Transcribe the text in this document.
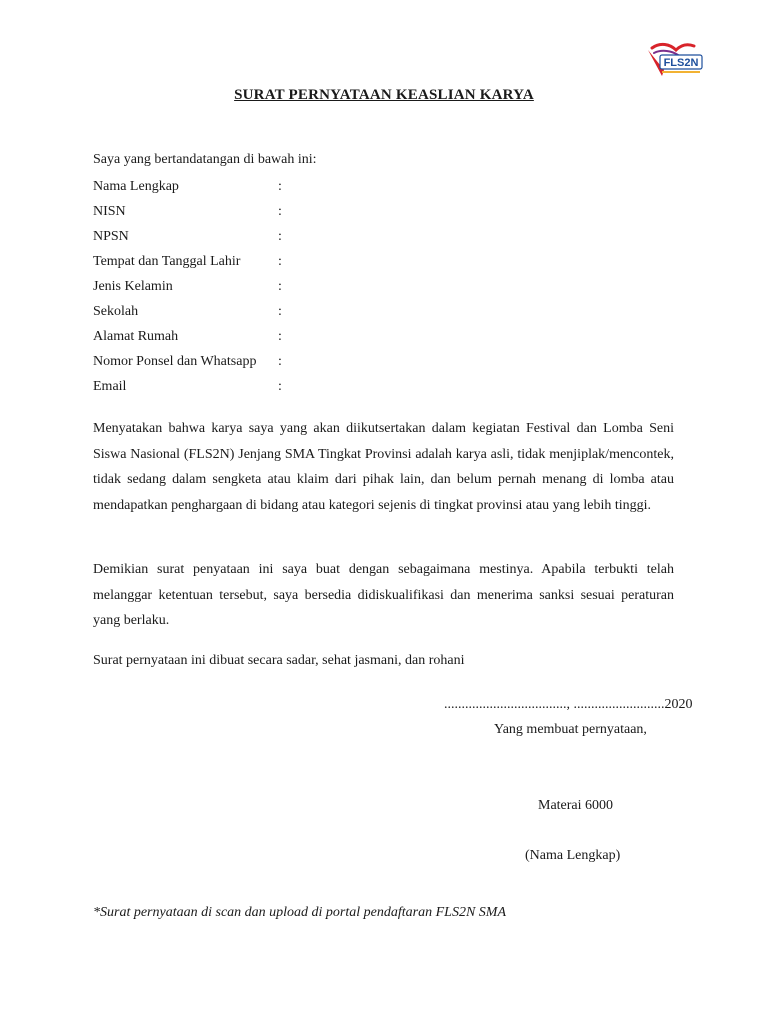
FLS2N
SURAT PERNYATAAN KEASLIAN KARYA
Saya yang bertandatangan di bawah ini:
Nama Lengkap	:
NISN	:
NPSN	:
Tempat dan Tanggal Lahir	:
Jenis Kelamin	:
Sekolah	:
Alamat Rumah	:
Nomor Ponsel dan Whatsapp	:
Email	:
Menyatakan bahwa karya saya yang akan diikutsertakan dalam kegiatan Festival dan Lomba Seni Siswa Nasional (FLS2N) Jenjang SMA Tingkat Provinsi adalah karya asli, tidak menjiplak/mencontek, tidak sedang dalam sengketa atau klaim dari pihak lain, dan belum pernah menang di lomba atau mendapatkan penghargaan di bidang atau kategori sejenis di tingkat provinsi atau yang lebih tinggi.
Demikian surat penyataan ini saya buat dengan sebagaimana mestinya. Apabila terbukti telah melanggar ketentuan tersebut, saya bersedia didiskualifikasi dan menerima sanksi sesuai peraturan yang berlaku.
Surat pernyataan ini dibuat secara sadar, sehat jasmani, dan rohani
..................................., ..........................2020
Yang membuat pernyataan,
Materai 6000
(Nama Lengkap)
*Surat pernyataan di scan dan upload di portal pendaftaran FLS2N SMA
